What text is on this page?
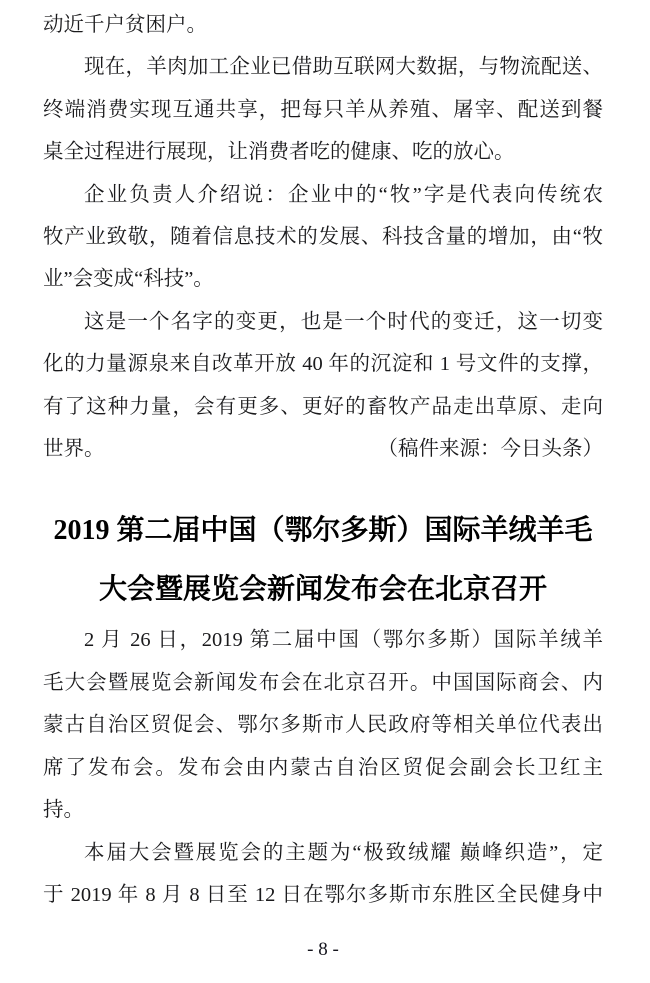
动近千户贫困户。
现在，羊肉加工企业已借助互联网大数据，与物流配送、
终端消费实现互通共享，把每只羊从养殖、屠宰、配送到餐
桌全过程进行展现，让消费者吃的健康、吃的放心。
企业负责人介绍说：企业中的“牧”字是代表向传统农
牧产业致敬，随着信息技术的发展、科技含量的增加，由“牧
业”会变成“科技”。
这是一个名字的变更，也是一个时代的变迁，这一切变
化的力量源泉来自改革开放 40 年的沉淀和 1 号文件的支撑，
有了这种力量，会有更多、更好的畜牧产品走出草原、走向
世界。	（稿件来源：今日头条）
2019 第二届中国（鄂尔多斯）国际羊绒羊毛
大会暨展览会新闻发布会在北京召开
2 月 26 日，2019 第二届中国（鄂尔多斯）国际羊绒羊
毛大会暨展览会新闻发布会在北京召开。中国国际商会、内
蒙古自治区贸促会、鄂尔多斯市人民政府等相关单位代表出
席了发布会。发布会由内蒙古自治区贸促会副会长卫红主
持。
本届大会暨展览会的主题为“极致绒耀 巅峰织造”，定
于 2019 年 8 月 8 日至 12 日在鄂尔多斯市东胜区全民健身中
- 8 -
